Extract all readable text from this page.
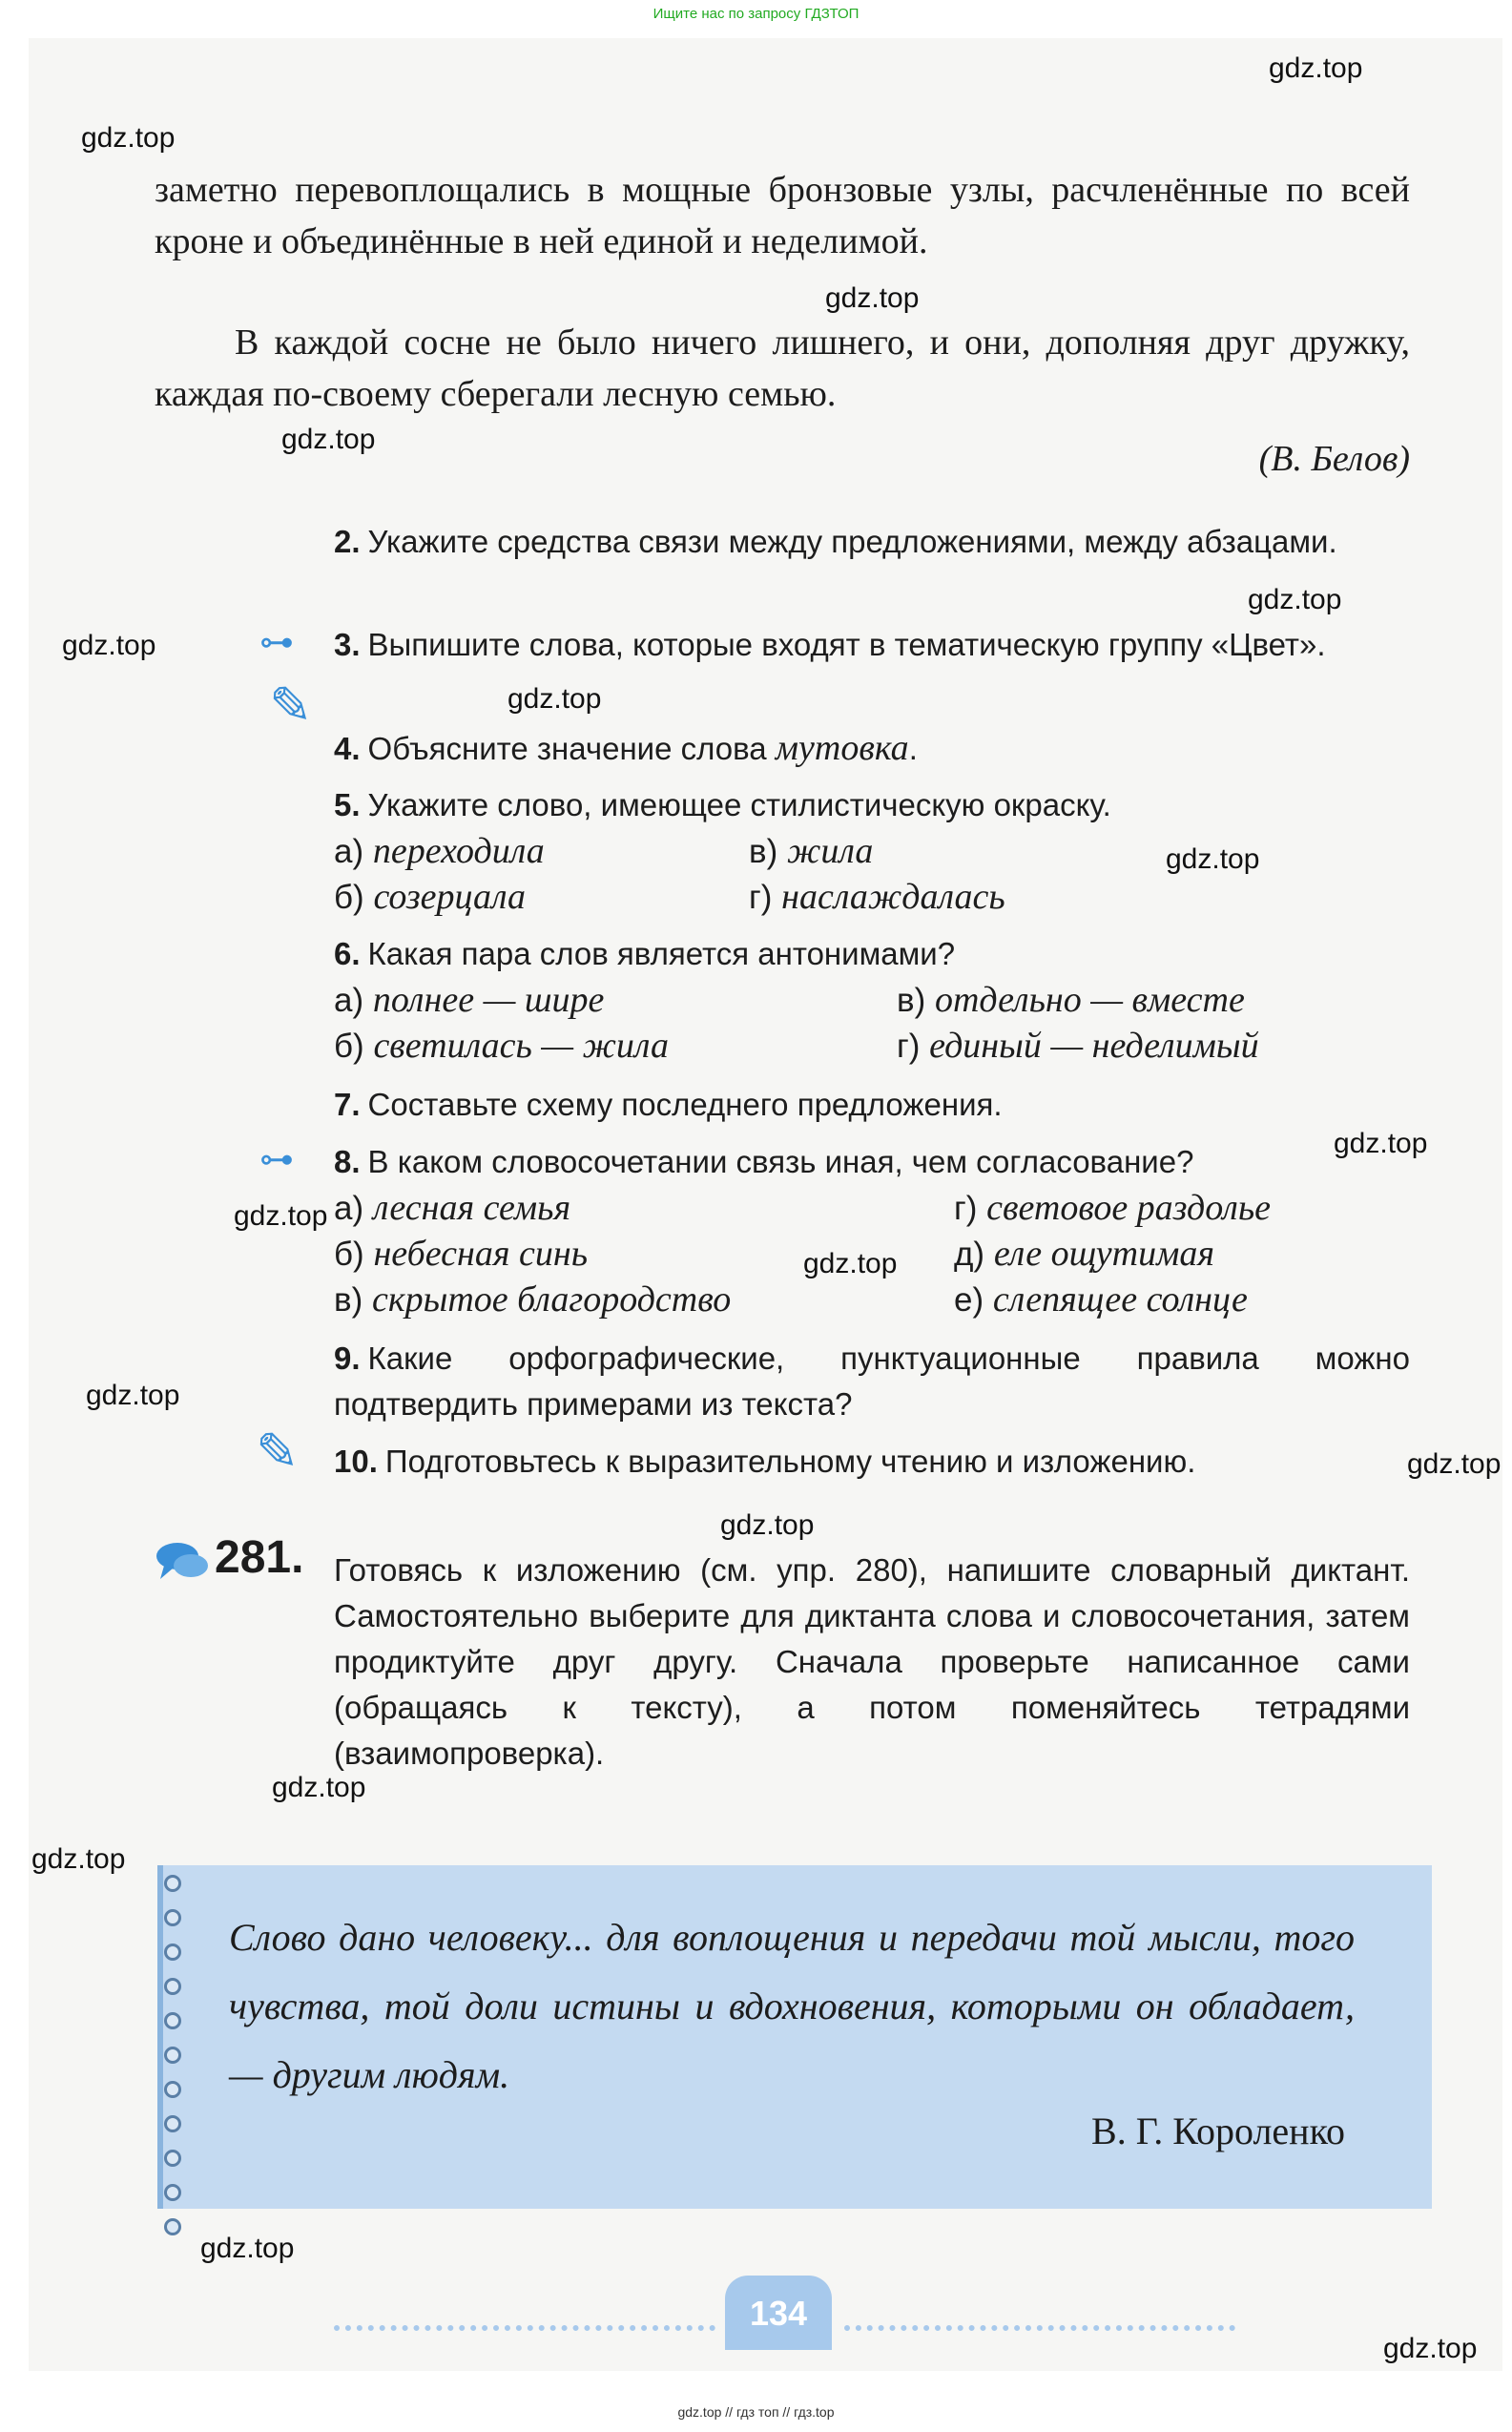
Ищите нас по запросу ГДЗТОП
gdz.top
gdz.top
gdz.top
gdz.top
gdz.top
gdz.top
gdz.top
gdz.top
gdz.top
gdz.top
gdz.top
gdz.top
gdz.top
gdz.top
gdz.top
gdz.top
gdz.top
gdz.top
заметно перевоплощались в мощные бронзовые узлы, расчленённые по всей кроне и объединённые в ней единой и неделимой.
В каждой сосне не было ничего лишнего, и они, дополняя друг дружку, каждая по-своему сберегали лесную семью.
(В. Белов)
2. Укажите средства связи между предложениями, между абзацами.
⊶ 3. Выпишите слова, которые входят в тематическую группу «Цвет».
✎
4. Объясните значение слова мутовка.
5. Укажите слово, имеющее стилистическую окраску.
а) переходила	в) жила
б) созерцала	г) наслаждалась
6. Какая пара слов является антонимами?
а) полнее — шире	в) отдельно — вместе
б) светилась — жила	г) единый — неделимый
7. Составьте схему последнего предложения.
⊶ 8. В каком словосочетании связь иная, чем согласование?
а) лесная семья	г) световое раздолье
б) небесная синь	д) еле ощутимая
в) скрытое благородство	е) слепящее солнце
9. Какие орфографические, пунктуационные правила можно подтвердить примерами из текста?
✎ 10. Подготовьтесь к выразительному чтению и изложению.
281. Готовясь к изложению (см. упр. 280), напишите словарный диктант. Самостоятельно выберите для диктанта слова и словосочетания, затем продиктуйте друг другу. Сначала проверьте написанное сами (обращаясь к тексту), а потом поменяйтесь тетрадями (взаимопроверка).
Слово дано человеку... для воплощения и передачи той мысли, того чувства, той доли истины и вдохновения, которыми он обладает, — другим людям.
В. Г. Короленко
134
gdz.top // гдз топ // гдз.top
